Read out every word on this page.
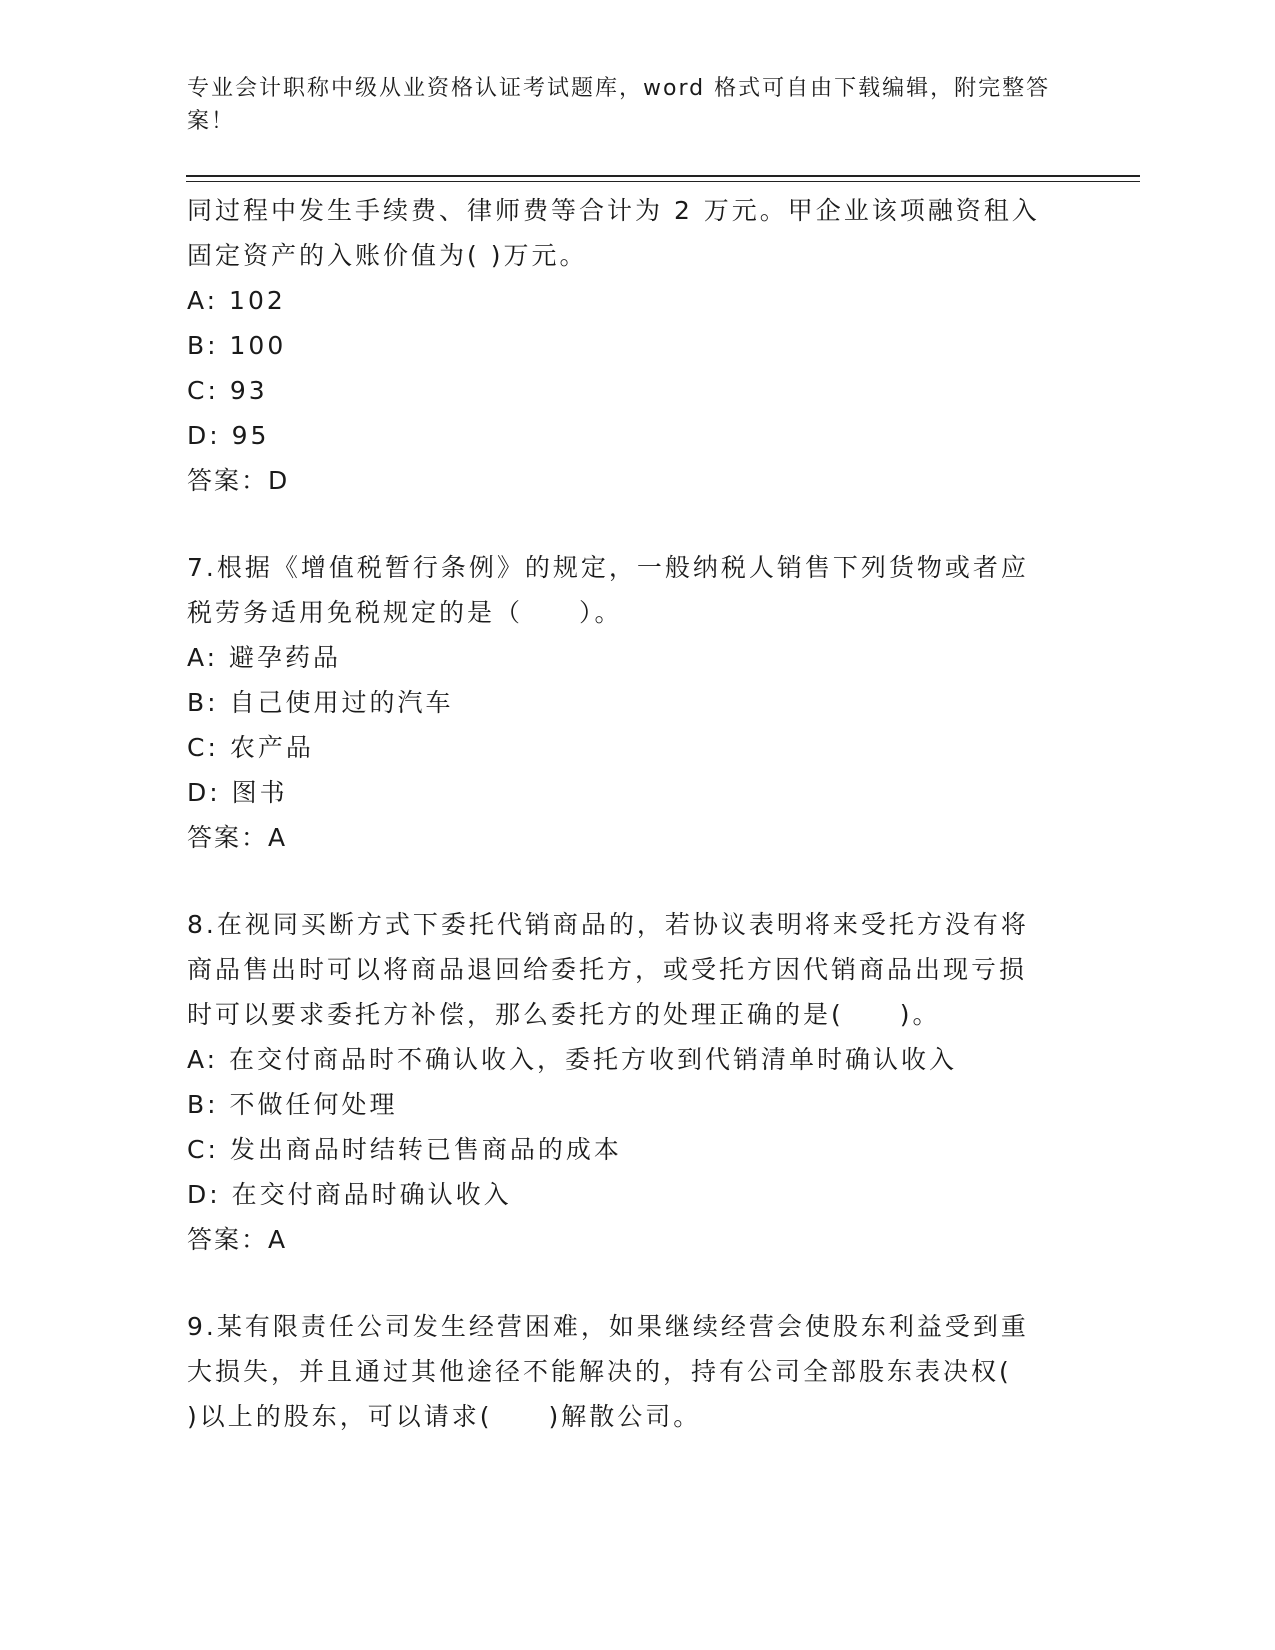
专业会计职称中级从业资格认证考试题库，word 格式可自由下载编辑，附完整答
案！
同过程中发生手续费、律师费等合计为 2 万元。甲企业该项融资租入
固定资产的入账价值为( )万元。
A: 102
B: 100
C: 93
D: 95
答案：D
7.根据《增值税暂行条例》的规定，一般纳税人销售下列货物或者应
税劳务适用免税规定的是（　　）。
A: 避孕药品
B: 自己使用过的汽车
C: 农产品
D: 图书
答案：A
8.在视同买断方式下委托代销商品的，若协议表明将来受托方没有将
商品售出时可以将商品退回给委托方，或受托方因代销商品出现亏损
时可以要求委托方补偿，那么委托方的处理正确的是(　　)。
A: 在交付商品时不确认收入，委托方收到代销清单时确认收入
B: 不做任何处理
C: 发出商品时结转已售商品的成本
D: 在交付商品时确认收入
答案：A
9.某有限责任公司发生经营困难，如果继续经营会使股东利益受到重
大损失，并且通过其他途径不能解决的，持有公司全部股东表决权(
)以上的股东，可以请求(　　)解散公司。
